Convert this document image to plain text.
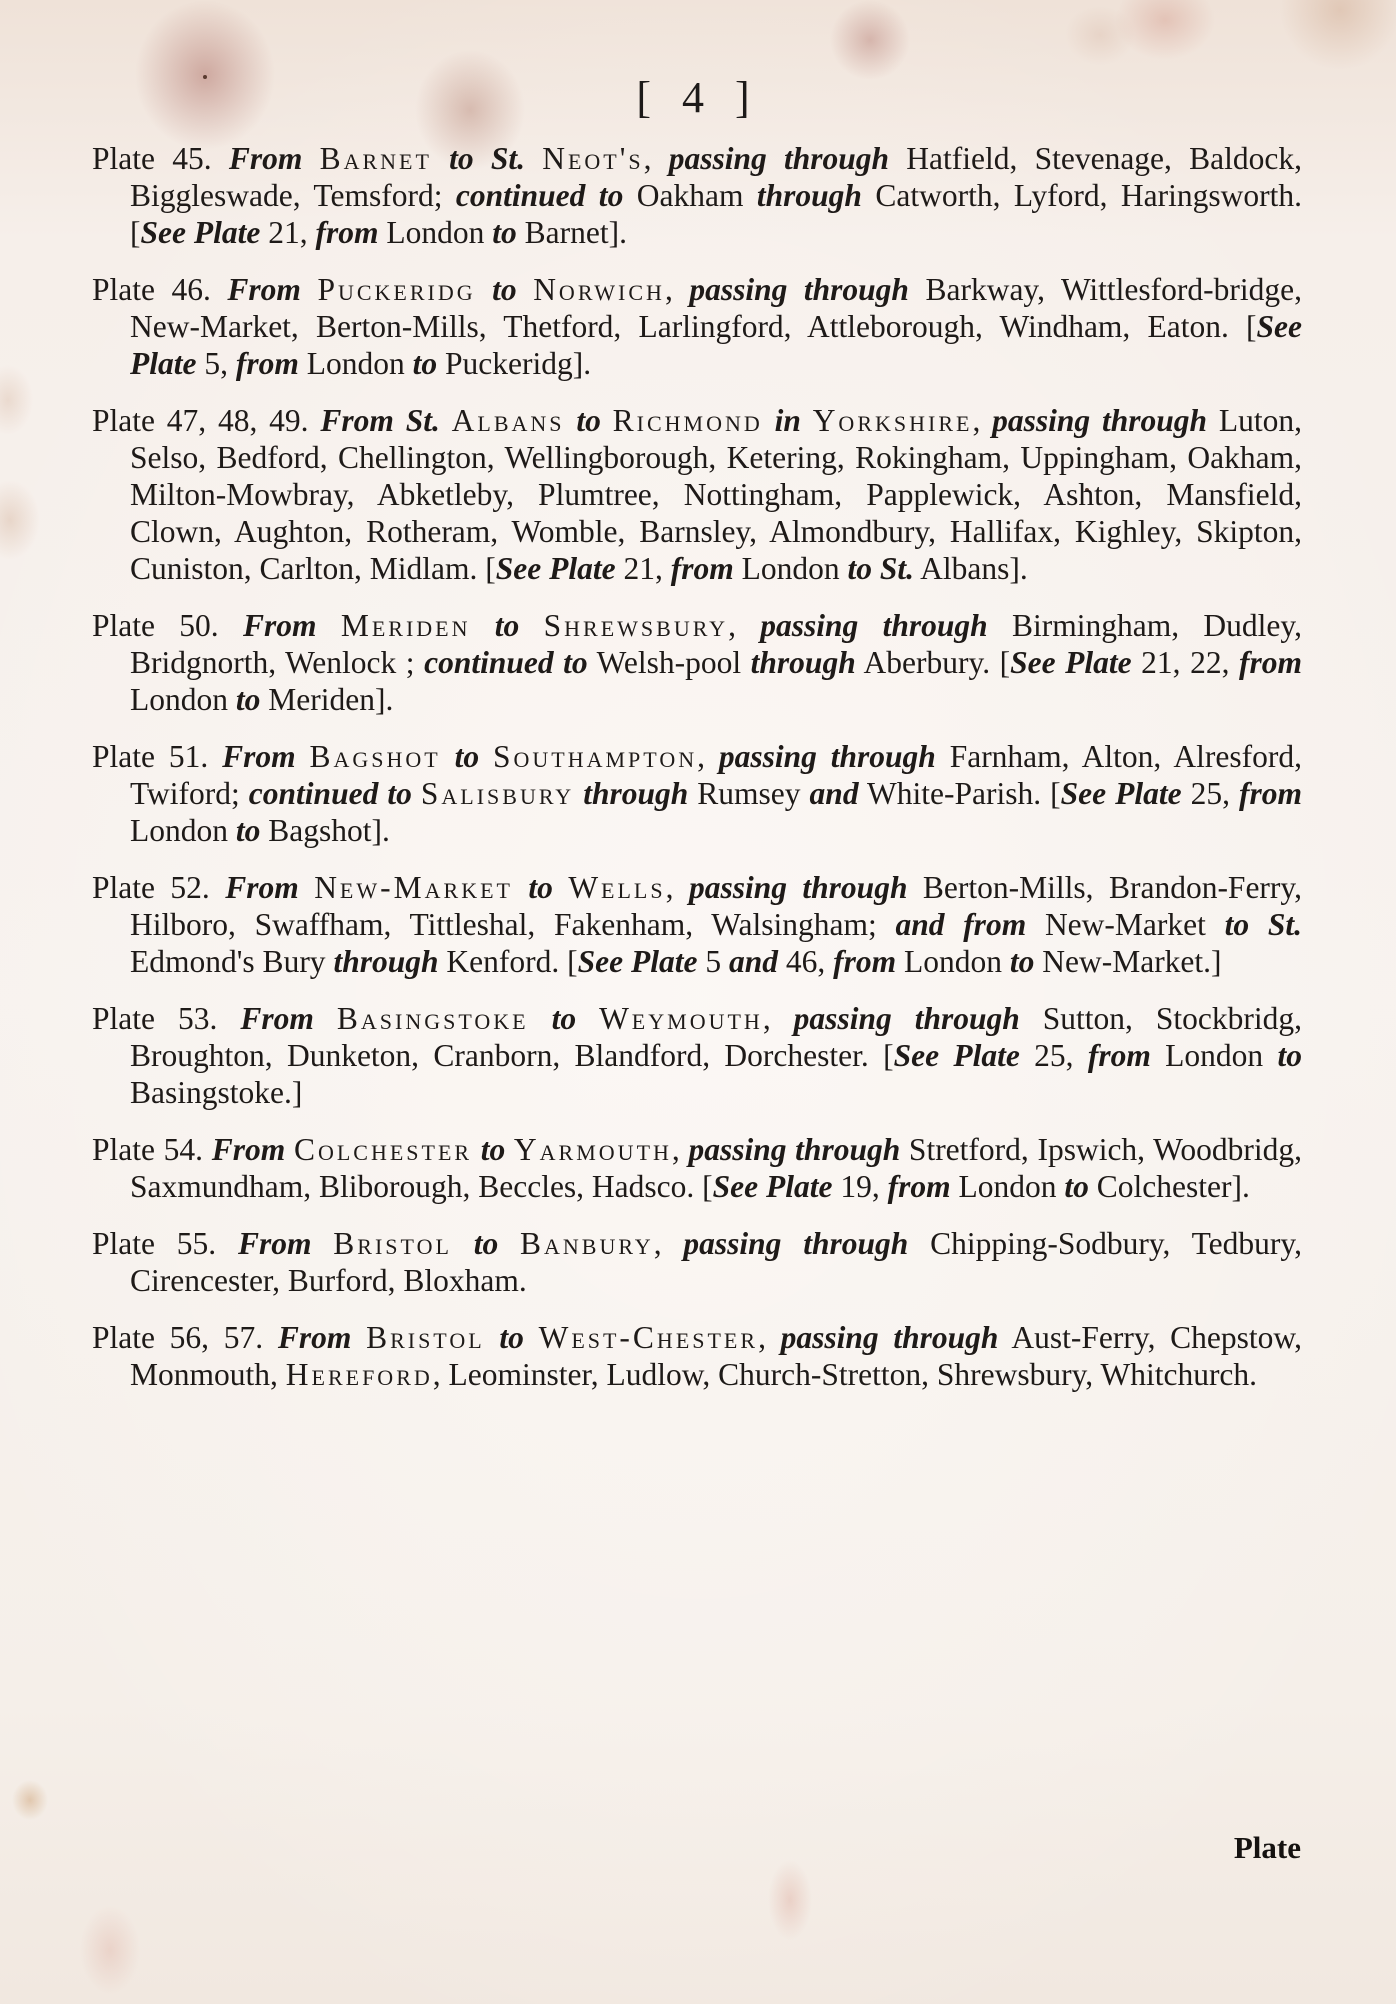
[ 4 ]

Plate 45. From Barnet to St. Neot's, passing through Hatfield, Stevenage, Baldock, Biggleswade, Temsford; continued to Oakham through Catworth, Lyford, Haringsworth. [See Plate 21, from London to Barnet].

Plate 46. From Puckeridg to Norwich, passing through Barkway, Wittlesford-bridge, New-Market, Berton-Mills, Thetford, Larlingford, Attleborough, Windham, Eaton. [See Plate 5, from London to Puckeridg].

Plate 47, 48, 49. From St. Albans to Richmond in Yorkshire, passing through Luton, Selso, Bedford, Chellington, Wellingborough, Ketering, Rokingham, Uppingham, Oakham, Milton-Mowbray, Abketleby, Plumtree, Nottingham, Papplewick, Ashton, Mansfield, Clown, Aughton, Rotheram, Womble, Barnsley, Almondbury, Hallifax, Kighley, Skipton, Cuniston, Carlton, Midlam. [See Plate 21, from London to St. Albans].

Plate 50. From Meriden to Shrewsbury, passing through Birmingham, Dudley, Bridgnorth, Wenlock ; continued to Welsh-pool through Aberbury. [See Plate 21, 22, from London to Meriden].

Plate 51. From Bagshot to Southampton, passing through Farnham, Alton, Alresford, Twiford; continued to Salisbury through Rumsey and White-Parish. [See Plate 25, from London to Bagshot].

Plate 52. From New-Market to Wells, passing through Berton-Mills, Brandon-Ferry, Hilboro, Swaffham, Tittleshal, Fakenham, Walsingham; and from New-Market to St. Edmond's Bury through Kenford. [See Plate 5 and 46, from London to New-Market.]

Plate 53. From Basingstoke to Weymouth, passing through Sutton, Stockbridg, Broughton, Dunketon, Cranborn, Blandford, Dorchester. [See Plate 25, from London to Basingstoke.]

Plate 54. From Colchester to Yarmouth, passing through Stretford, Ipswich, Woodbridg, Saxmundham, Bliborough, Beccles, Hadsco. [See Plate 19, from London to Colchester].

Plate 55. From Bristol to Banbury, passing through Chipping-Sodbury, Tedbury, Cirencester, Burford, Bloxham.

Plate 56, 57. From Bristol to West-Chester, passing through Aust-Ferry, Chepstow, Monmouth, Hereford, Leominster, Ludlow, Church-Stretton, Shrewsbury, Whitchurch.

Plate
